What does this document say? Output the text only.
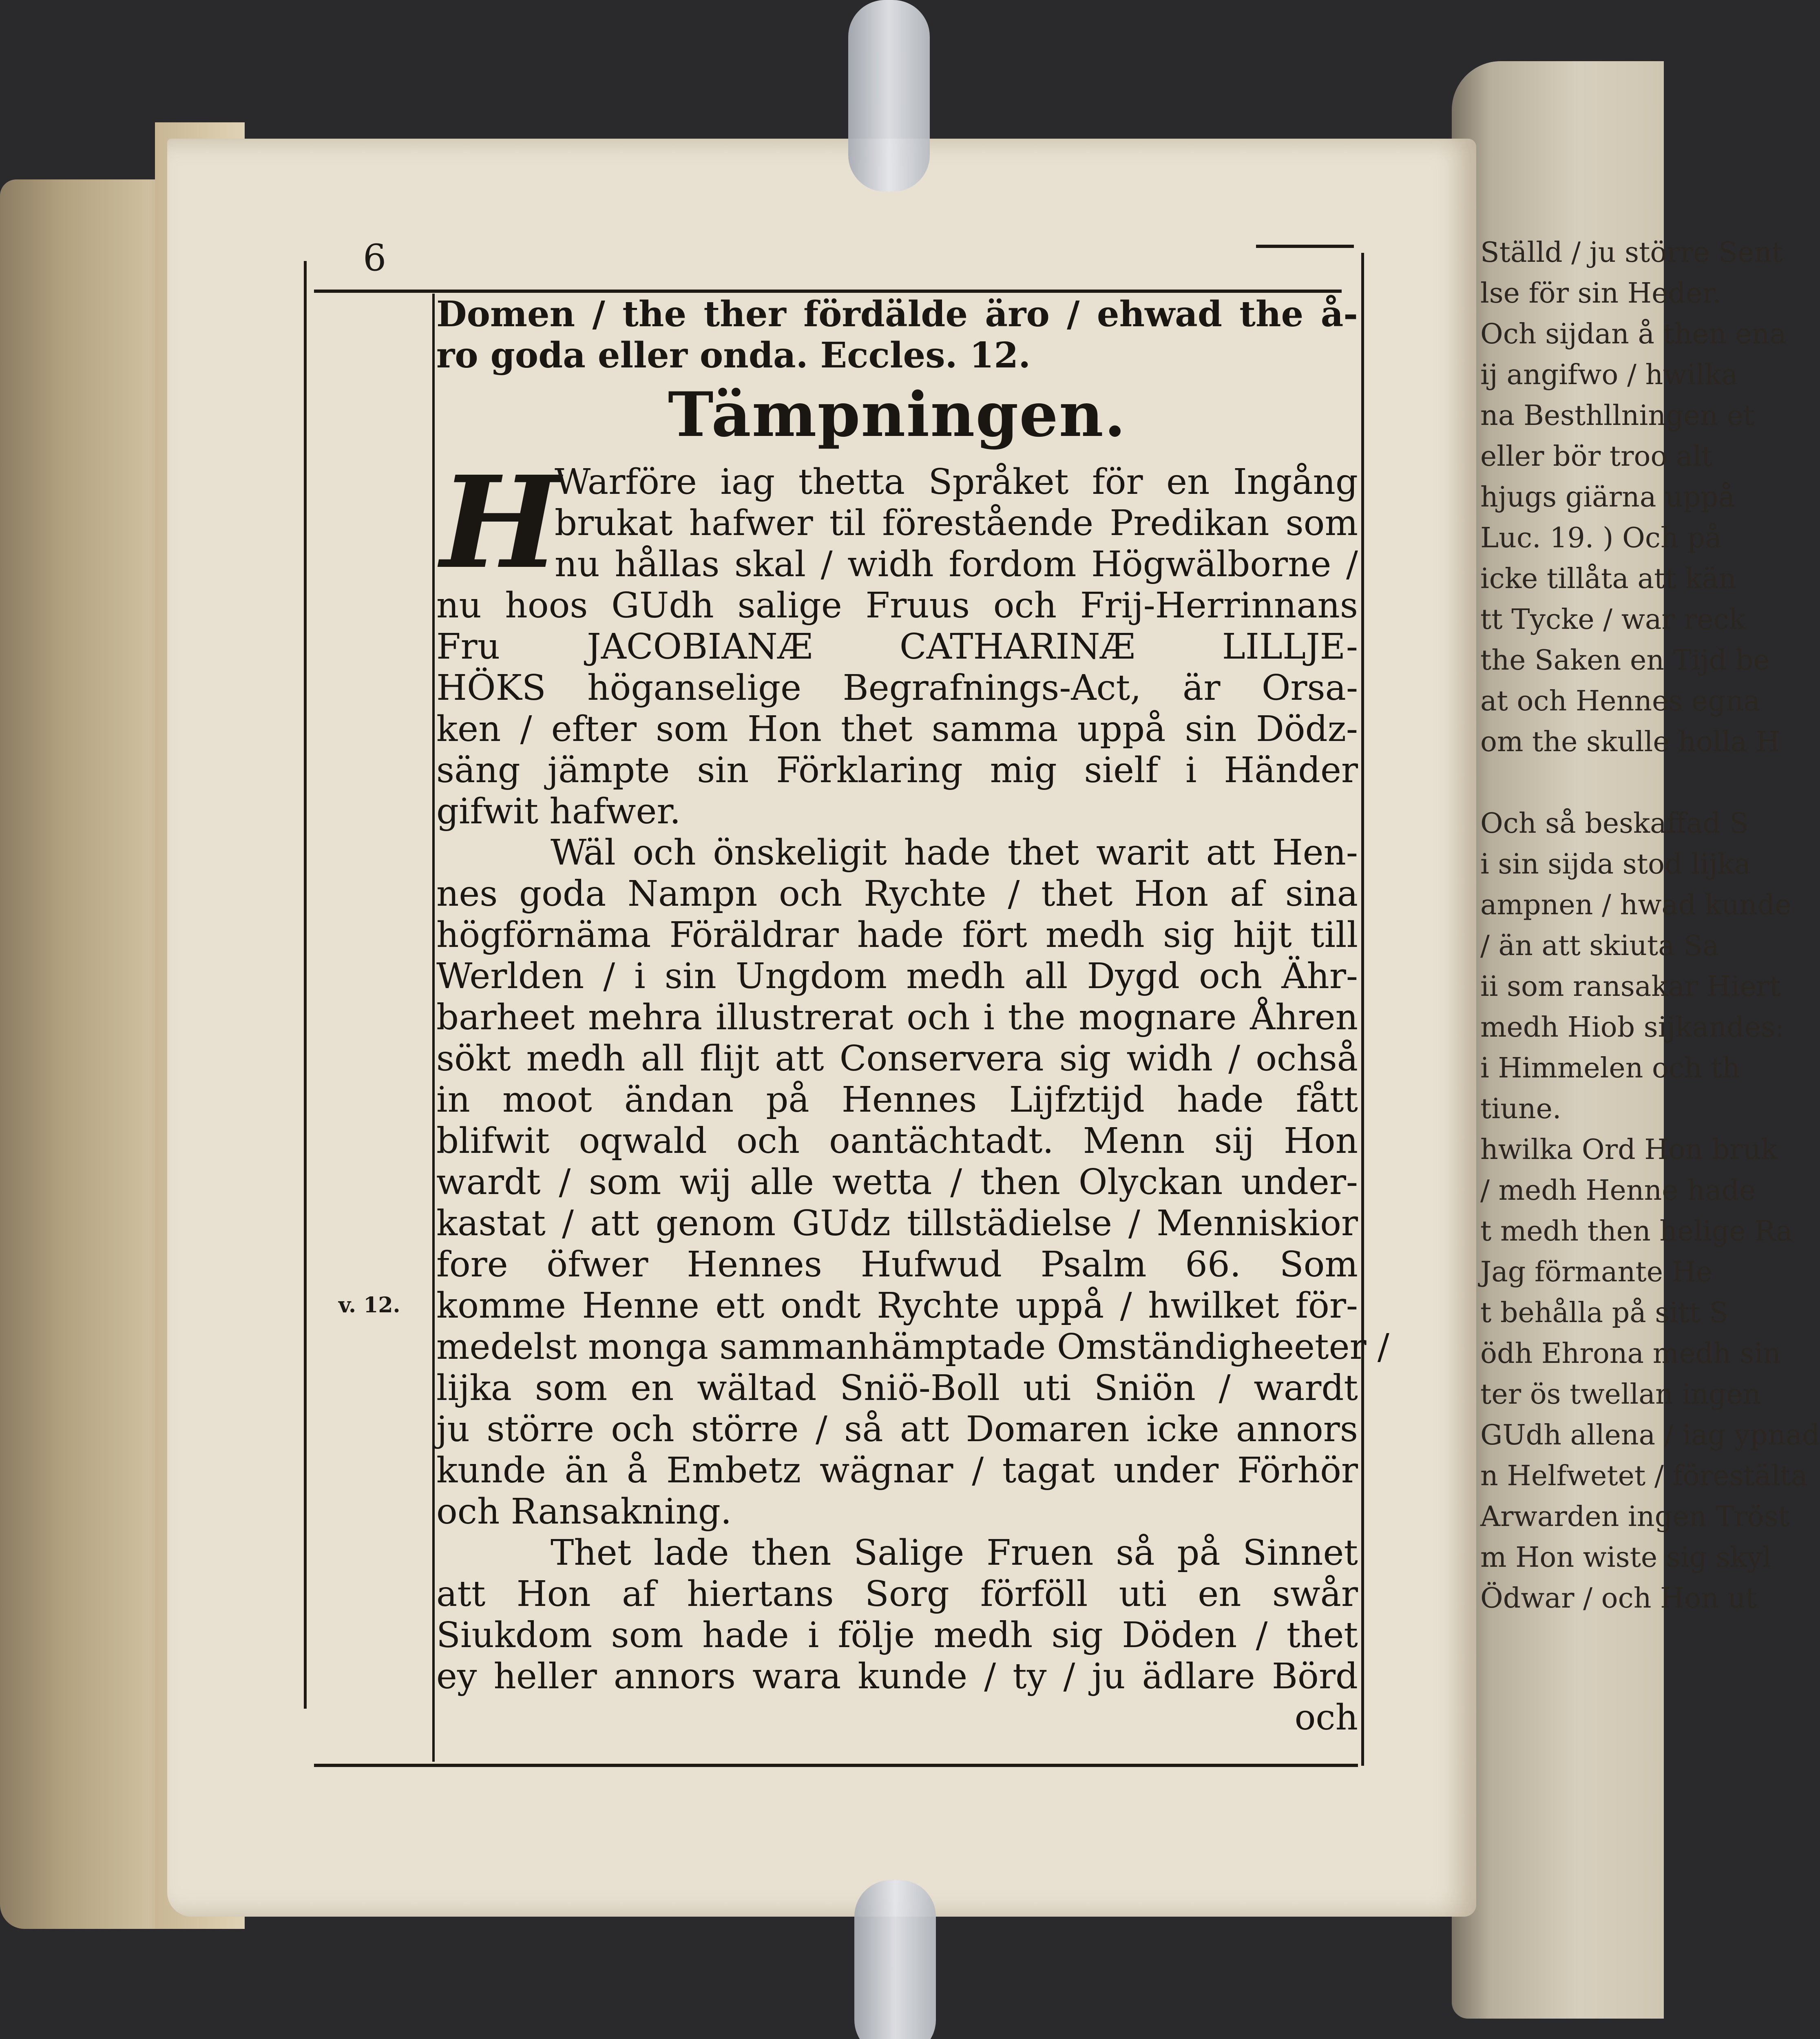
Ställd / ju större Sent
lse för sin Heder.
Och sijdan å then ena
ij angifwo / hwilka
na Besthllningen et
eller bör troo alt
hjugs giärna uppå
Luc. 19. ) Och på
icke tillåta att kän
tt Tycke / war reck
the Saken en Tijd be
at och Hennes egna
om the skulle holla H

Och så beskaffad S
i sin sijda stod lijka
ampnen / hwad kunde
/ än att skiuta Sa
ii som ransakar Hiert
medh Hiob sijkandes:
i Himmelen och th
tiune.
hwilka Ord Hon bruk
/ medh Henne hade
t medh then helige Ra
Jag förmante He
t behålla på sitt S
ödh Ehrona medh sin
ter ös twellan ingen
GUdh allena / iag ypnad
n Helfwetet / förestälta
Arwarden ingen Tröst
m Hon wiste sig skyl
Ödwar / och Hon ut
6
v. 12.
Domen / the ther fördälde äro / ehwad the å-
ro goda eller onda. Eccles. 12.
Tämpningen.
H
Warföre iag thetta Språket för en Ingång
brukat hafwer til förestående Predikan som
nu hållas skal / widh fordom Högwälborne /
nu hoos GUdh salige Fruus och Frij-Herrinnans
Fru JACOBIANÆ CATHARINÆ LILLJE-
HÖKS höganselige Begrafnings-Act, är Orsa-
ken / efter som Hon thet samma uppå sin Dödz-
säng jämpte sin Förklaring mig sielf i Händer
gifwit hafwer.
Wäl och önskeligit hade thet warit att Hen-
nes goda Nampn och Rychte / thet Hon af sina
högförnäma Föräldrar hade fört medh sig hijt till
Werlden / i sin Ungdom medh all Dygd och Ähr-
barheet mehra illustrerat och i the mognare Åhren
sökt medh all flijt att Conservera sig widh / ochså
in moot ändan på Hennes Lijfztijd hade fått
blifwit oqwald och oantächtadt. Menn sij Hon
wardt / som wij alle wetta / then Olyckan under-
kastat / att genom GUdz tillstädielse / Menniskior
fore öfwer Hennes Hufwud Psalm 66. Som
komme Henne ett ondt Rychte uppå / hwilket för-
medelst monga sammanhämptade Omständigheeter /
lijka som en wältad Sniö-Boll uti Sniön / wardt
ju större och större / så att Domaren icke annors
kunde än å Embetz wägnar / tagat under Förhör
och Ransakning.
Thet lade then Salige Fruen så på Sinnet
att Hon af hiertans Sorg förföll uti en swår
Siukdom som hade i följe medh sig Döden / thet
ey heller annors wara kunde / ty / ju ädlare Börd
och
